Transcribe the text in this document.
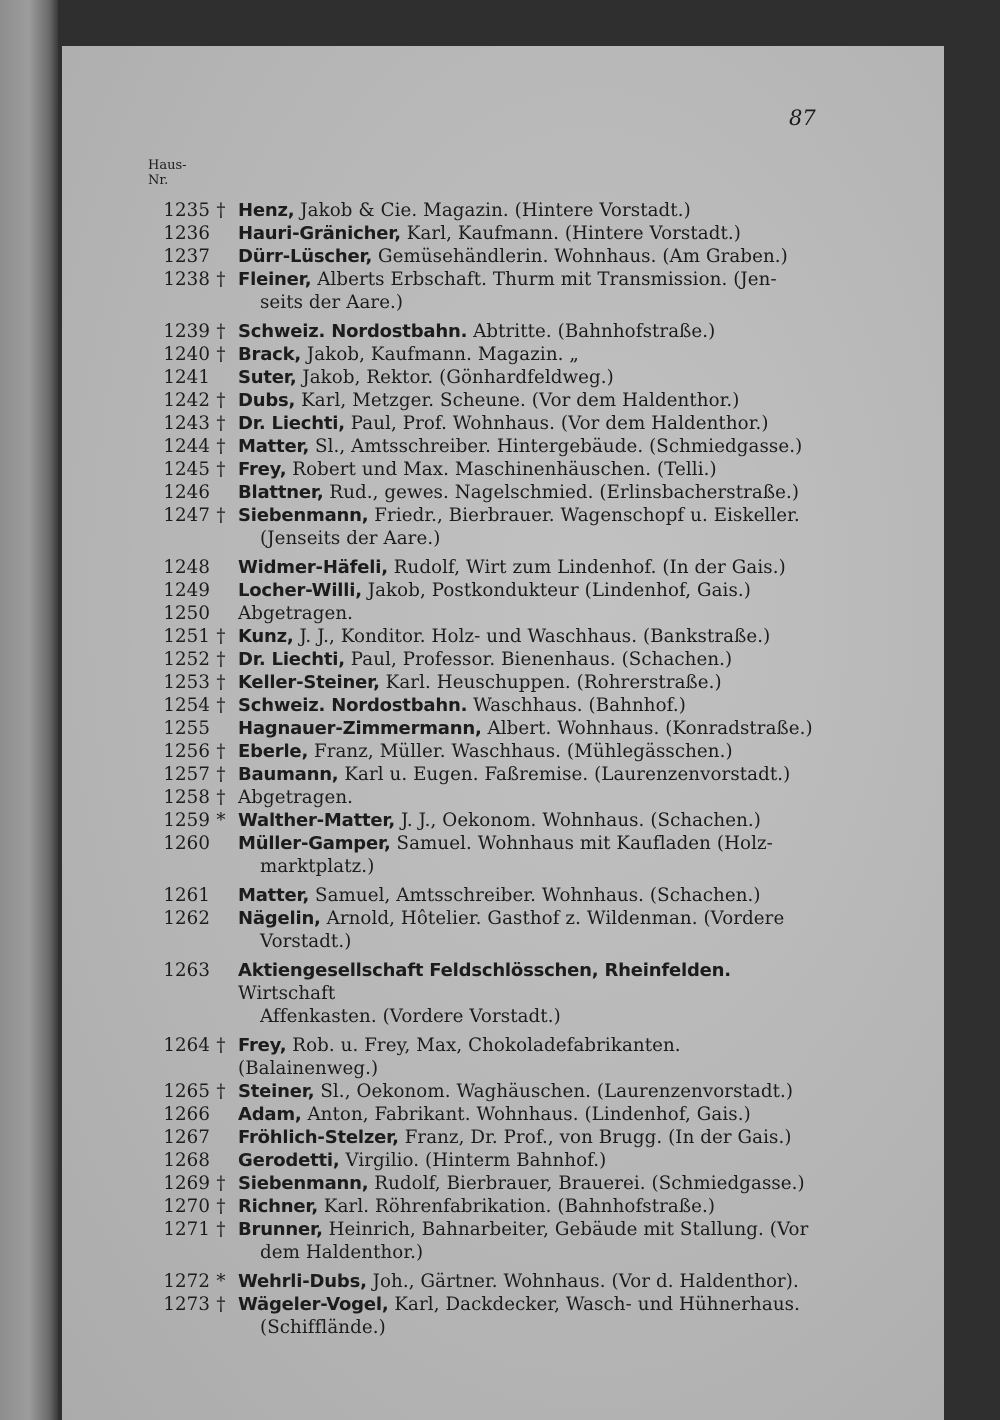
87
Haus-
Nr.
1235 † Henz, Jakob & Cie. Magazin. (Hintere Vorstadt.)
1236 Hauri-Gränicher, Karl, Kaufmann. (Hintere Vorstadt.)
1237 Dürr-Lüscher, Gemüsehändlerin. Wohnhaus. (Am Graben.)
1238 † Fleiner, Alberts Erbschaft. Thurm mit Transmission. (Jen-
seits der Aare.)
1239 † Schweiz. Nordostbahn. Abtritte. (Bahnhofstraße.)
1240 † Brack, Jakob, Kaufmann. Magazin. „
1241 Suter, Jakob, Rektor. (Gönhardfeldweg.)
1242 † Dubs, Karl, Metzger. Scheune. (Vor dem Haldenthor.)
1243 † Dr. Liechti, Paul, Prof. Wohnhaus. (Vor dem Haldenthor.)
1244 † Matter, Sl., Amtsschreiber. Hintergebäude. (Schmiedgasse.)
1245 † Frey, Robert und Max. Maschinenhäuschen. (Telli.)
1246 Blattner, Rud., gewes. Nagelschmied. (Erlinsbacherstraße.)
1247 † Siebenmann, Friedr., Bierbrauer. Wagenschopf u. Eiskeller.
(Jenseits der Aare.)
1248 Widmer-Häfeli, Rudolf, Wirt zum Lindenhof. (In der Gais.)
1249 Locher-Willi, Jakob, Postkondukteur (Lindenhof, Gais.)
1250 Abgetragen.
1251 † Kunz, J. J., Konditor. Holz- und Waschhaus. (Bankstraße.)
1252 † Dr. Liechti, Paul, Professor. Bienenhaus. (Schachen.)
1253 † Keller-Steiner, Karl. Heuschuppen. (Rohrerstraße.)
1254 † Schweiz. Nordostbahn. Waschhaus. (Bahnhof.)
1255 Hagnauer-Zimmermann, Albert. Wohnhaus. (Konradstraße.)
1256 † Eberle, Franz, Müller. Waschhaus. (Mühlegässchen.)
1257 † Baumann, Karl u. Eugen. Faßremise. (Laurenzenvorstadt.)
1258 † Abgetragen.
1259 * Walther-Matter, J. J., Oekonom. Wohnhaus. (Schachen.)
1260 Müller-Gamper, Samuel. Wohnhaus mit Kaufladen (Holz-
marktplatz.)
1261 Matter, Samuel, Amtsschreiber. Wohnhaus. (Schachen.)
1262 Nägelin, Arnold, Hôtelier. Gasthof z. Wildenman. (Vordere
Vorstadt.)
1263 Aktiengesellschaft Feldschlösschen, Rheinfelden. Wirtschaft
Affenkasten. (Vordere Vorstadt.)
1264 † Frey, Rob. u. Frey, Max, Chokoladefabrikanten. (Balainenweg.)
1265 † Steiner, Sl., Oekonom. Waghäuschen. (Laurenzenvorstadt.)
1266 Adam, Anton, Fabrikant. Wohnhaus. (Lindenhof, Gais.)
1267 Fröhlich-Stelzer, Franz, Dr. Prof., von Brugg. (In der Gais.)
1268 Gerodetti, Virgilio. (Hinterm Bahnhof.)
1269 † Siebenmann, Rudolf, Bierbrauer, Brauerei. (Schmiedgasse.)
1270 † Richner, Karl. Röhrenfabrikation. (Bahnhofstraße.)
1271 † Brunner, Heinrich, Bahnarbeiter, Gebäude mit Stallung. (Vor
dem Haldenthor.)
1272 * Wehrli-Dubs, Joh., Gärtner. Wohnhaus. (Vor d. Haldenthor).
1273 † Wägeler-Vogel, Karl, Dackdecker, Wasch- und Hühnerhaus.
(Schifflände.)
